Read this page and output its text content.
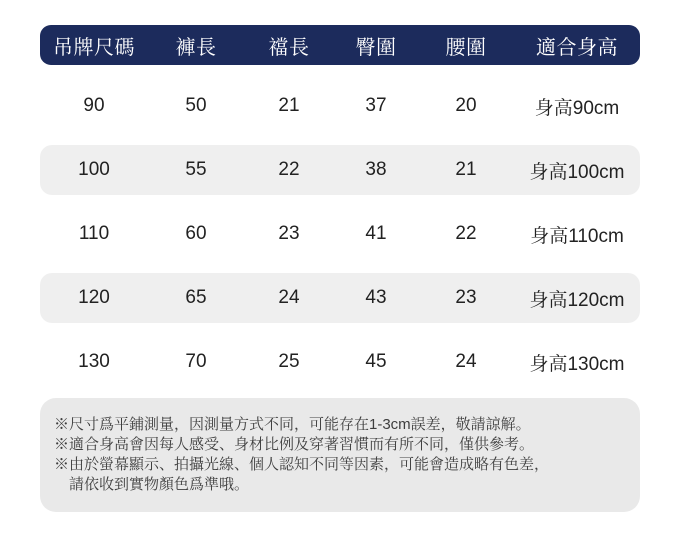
吊牌尺碼	褲長	襠長	臀圍	腰圍	適合身高
90	50	21	37	20	身高90cm
100	55	22	38	21	身高100cm
110	60	23	41	22	身高110cm
120	65	24	43	23	身高120cm
130	70	25	45	24	身高130cm
※尺寸爲平鋪測量，因測量方式不同，可能存在1-3cm誤差，敬請諒解。
※適合身高會因每人感受、身材比例及穿著習慣而有所不同，僅供參考。
※由於螢幕顯示、拍攝光線、個人認知不同等因素，可能會造成略有色差，
請依收到實物顏色爲準哦。
